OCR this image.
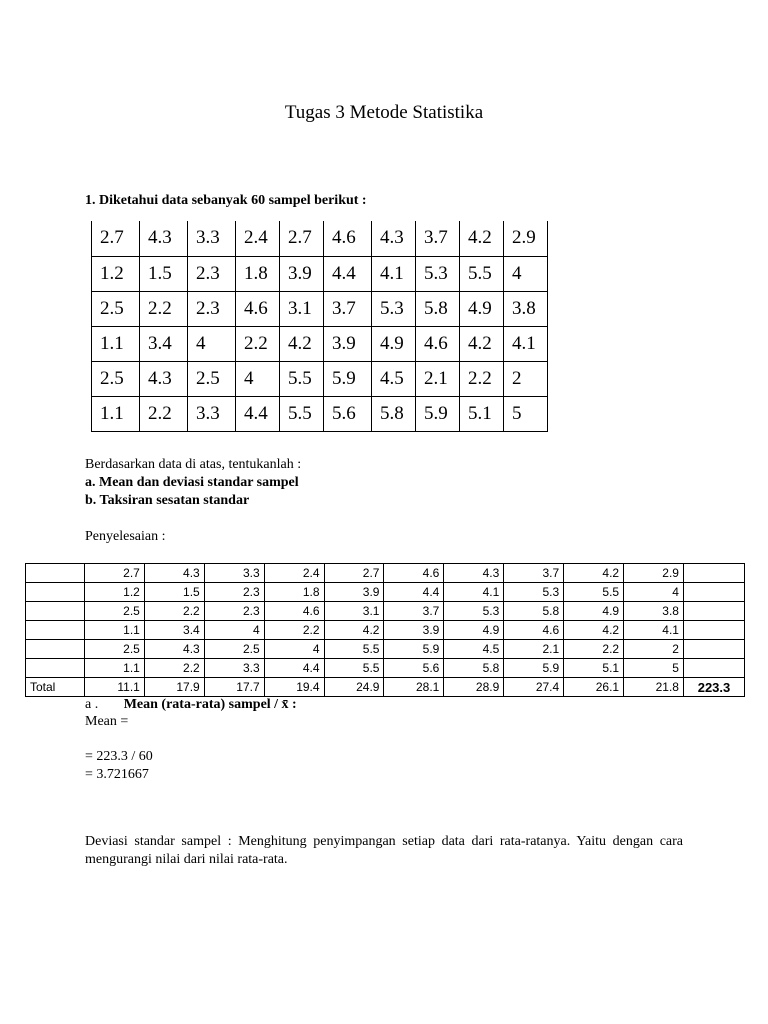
Tugas 3 Metode Statistika
1. Diketahui data sebanyak 60 sampel berikut :
2.7	4.3	3.3	2.4	2.7	4.6	4.3	3.7	4.2	2.9
1.2	1.5	2.3	1.8	3.9	4.4	4.1	5.3	5.5	4
2.5	2.2	2.3	4.6	3.1	3.7	5.3	5.8	4.9	3.8
1.1	3.4	4	2.2	4.2	3.9	4.9	4.6	4.2	4.1
2.5	4.3	2.5	4	5.5	5.9	4.5	2.1	2.2	2
1.1	2.2	3.3	4.4	5.5	5.6	5.8	5.9	5.1	5
Berdasarkan data di atas, tentukanlah :
a. Mean dan deviasi standar sampel
b. Taksiran sesatan standar
Penyelesaian :
	2.7	4.3	3.3	2.4	2.7	4.6	4.3	3.7	4.2	2.9	
	1.2	1.5	2.3	1.8	3.9	4.4	4.1	5.3	5.5	4	
	2.5	2.2	2.3	4.6	3.1	3.7	5.3	5.8	4.9	3.8	
	1.1	3.4	4	2.2	4.2	3.9	4.9	4.6	4.2	4.1	
	2.5	4.3	2.5	4	5.5	5.9	4.5	2.1	2.2	2	
	1.1	2.2	3.3	4.4	5.5	5.6	5.8	5.9	5.1	5	
Total	11.1	17.9	17.7	19.4	24.9	28.1	28.9	27.4	26.1	21.8	223.3
a . Mean (rata-rata) sampel / x̄ :
Mean =
= 223.3 / 60
= 3.721667
Deviasi standar sampel : Menghitung penyimpangan setiap data dari rata-ratanya. Yaitu dengan cara mengurangi nilai dari nilai rata-rata.
